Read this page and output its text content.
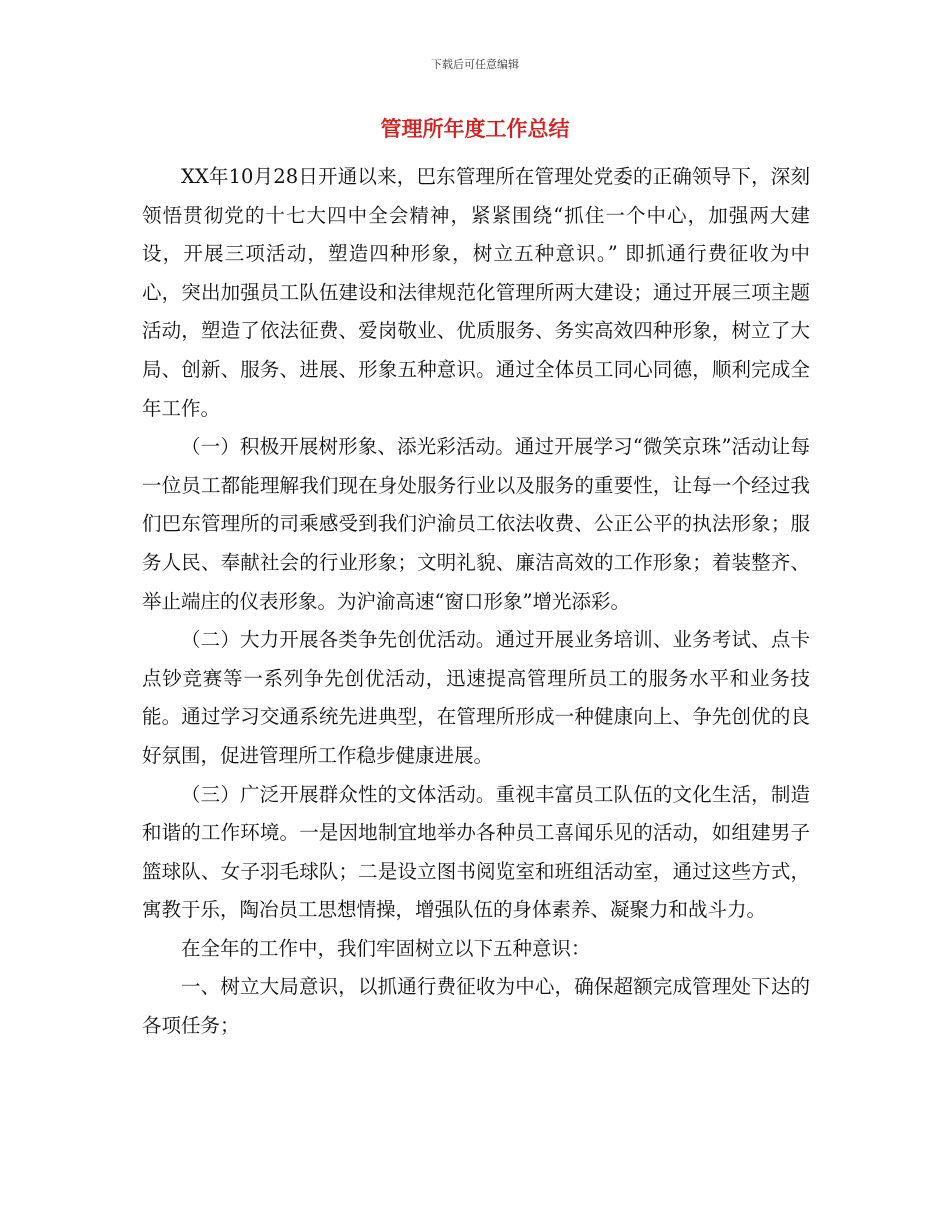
下载后可任意编辑
管理所年度工作总结

XX年10月28日开通以来，巴东管理所在管理处党委的正确领导下，深刻领悟贯彻党的十七大四中全会精神，紧紧围绕“抓住一个中心，加强两大建设，开展三项活动，塑造四种形象，树立五种意识。” 即抓通行费征收为中心，突出加强员工队伍建设和法律规范化管理所两大建设；通过开展三项主题活动，塑造了依法征费、爱岗敬业、优质服务、务实高效四种形象，树立了大局、创新、服务、进展、形象五种意识。通过全体员工同心同德，顺利完成全年工作。

（一）积极开展树形象、添光彩活动。通过开展学习“微笑京珠”活动让每一位员工都能理解我们现在身处服务行业以及服务的重要性，让每一个经过我们巴东管理所的司乘感受到我们沪渝员工依法收费、公正公平的执法形象；服务人民、奉献社会的行业形象；文明礼貌、廉洁高效的工作形象；着装整齐、举止端庄的仪表形象。为沪渝高速“窗口形象”增光添彩。

（二）大力开展各类争先创优活动。通过开展业务培训、业务考试、点卡点钞竞赛等一系列争先创优活动，迅速提高管理所员工的服务水平和业务技能。通过学习交通系统先进典型，在管理所形成一种健康向上、争先创优的良好氛围，促进管理所工作稳步健康进展。

（三）广泛开展群众性的文体活动。重视丰富员工队伍的文化生活，制造和谐的工作环境。一是因地制宜地举办各种员工喜闻乐见的活动，如组建男子篮球队、女子羽毛球队；二是设立图书阅览室和班组活动室，通过这些方式，寓教于乐，陶冶员工思想情操，增强队伍的身体素养、凝聚力和战斗力。

在全年的工作中，我们牢固树立以下五种意识：

一、树立大局意识，以抓通行费征收为中心，确保超额完成管理处下达的各项任务；
